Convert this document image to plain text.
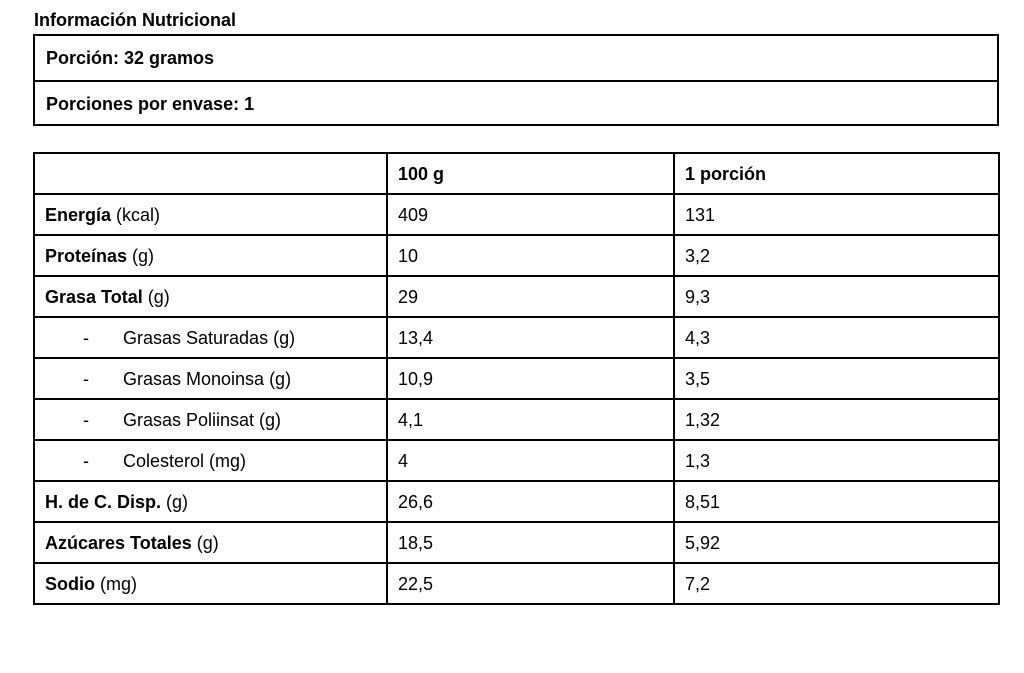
Información Nutricional
Porción: 32 gramos
Porciones por envase: 1
	100 g	1 porción
Energía (kcal)	409	131
Proteínas (g)	10	3,2
Grasa Total (g)	29	9,3
- Grasas Saturadas (g)	13,4	4,3
- Grasas Monoinsa (g)	10,9	3,5
- Grasas Poliinsat (g)	4,1	1,32
- Colesterol (mg)	4	1,3
H. de C. Disp. (g)	26,6	8,51
Azúcares Totales (g)	18,5	5,92
Sodio (mg)	22,5	7,2
